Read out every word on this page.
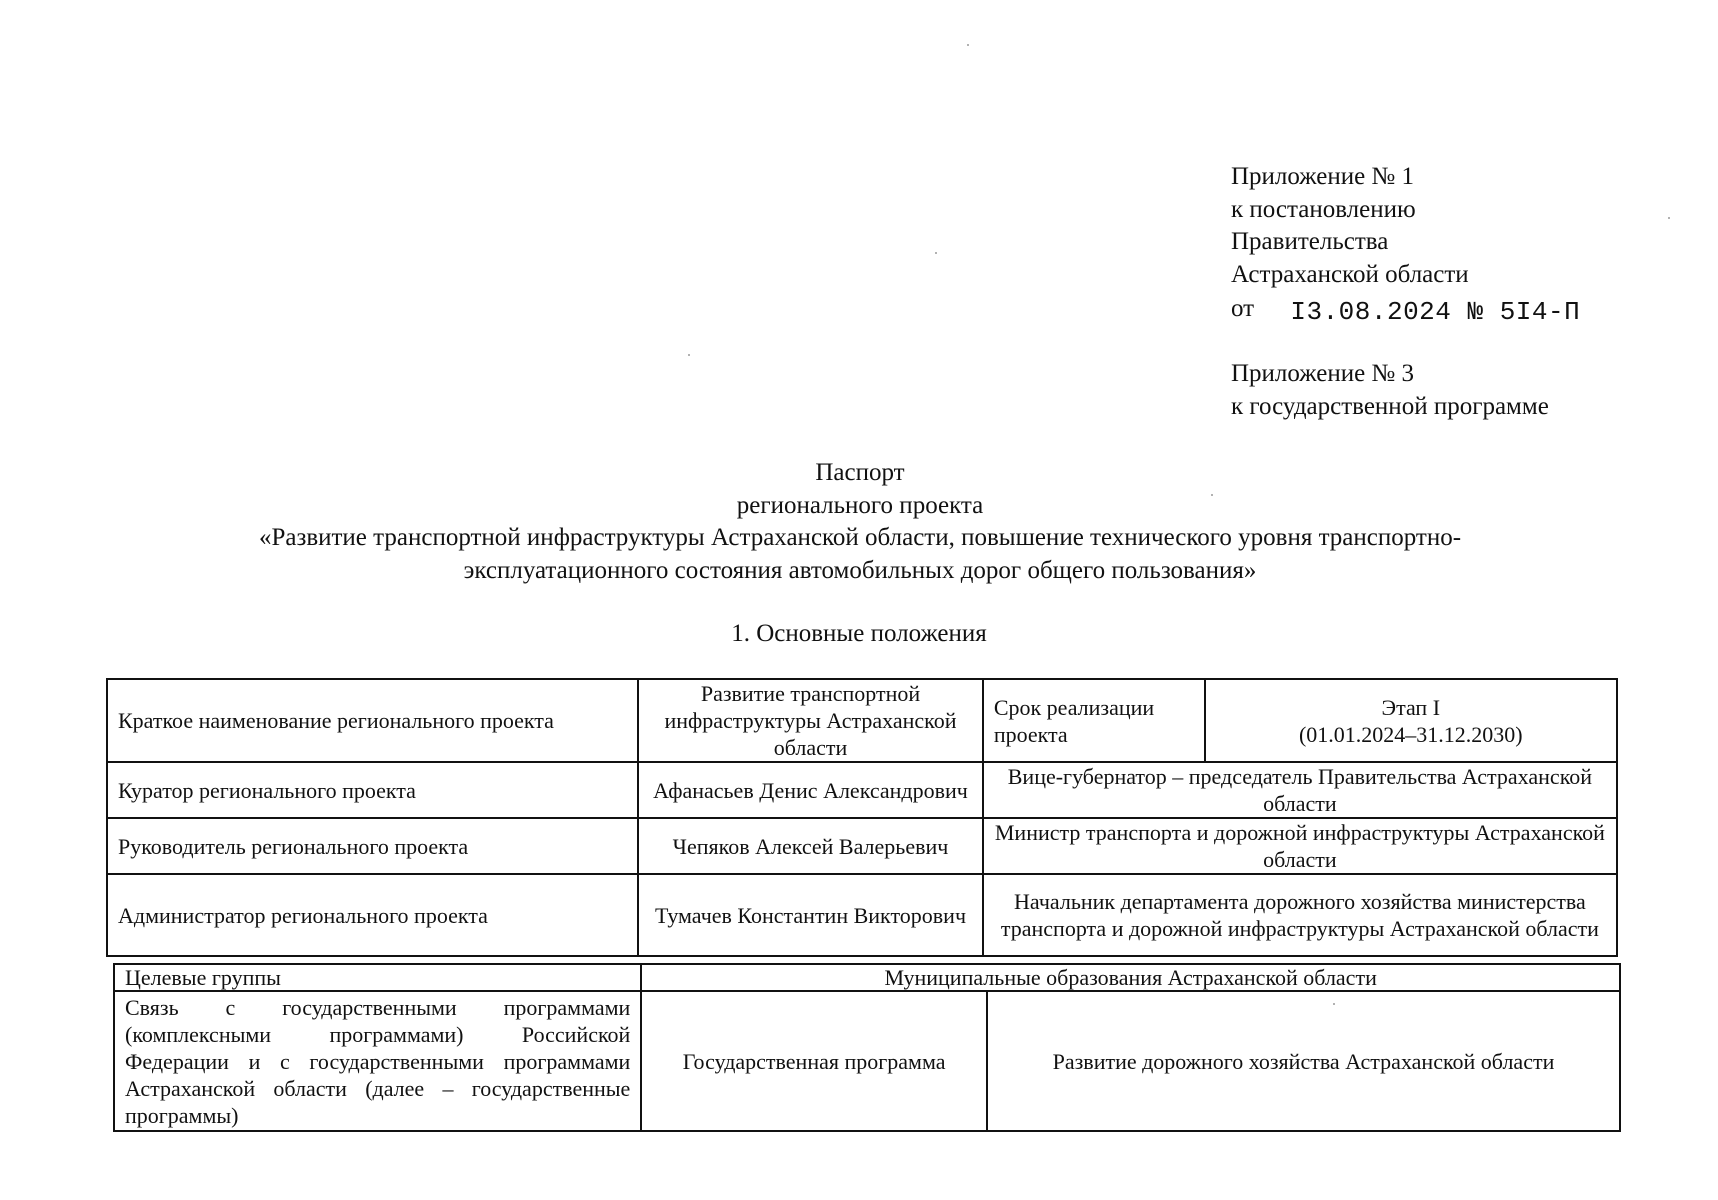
Приложение № 1
к постановлению
Правительства
Астраханской области
от I3.08.2024 № 5I4-П
Приложение № 3
к государственной программе
Паспорт
регионального проекта
«Развитие транспортной инфраструктуры Астраханской области, повышение технического уровня транспортно-
эксплуатационного состояния автомобильных дорог общего пользования»
1. Основные положения
Краткое наименование регионального проекта	Развитие транспортной инфраструктуры Астраханской области	Срок реализации проекта	Этап I
(01.01.2024–31.12.2030)

Куратор регионального проекта	Афанасьев Денис Александрович	Вице-губернатор – председатель Правительства Астраханской области	
Руководитель регионального проекта	Чепяков Алексей Валерьевич	Министр транспорта и дорожной инфраструктуры Астраханской области	
Администратор регионального проекта	Тумачев Константин Викторович	Начальник департамента дорожного хозяйства министерства транспорта и дорожной инфраструктуры Астраханской области	
Целевые группы	Муниципальные образования Астраханской области	
Связь с государственными программами (комплексными программами) Российской Федерации и с государственными программами Астраханской области (далее – государственные программы)	Государственная программа	Развитие дорожного хозяйства Астраханской области
